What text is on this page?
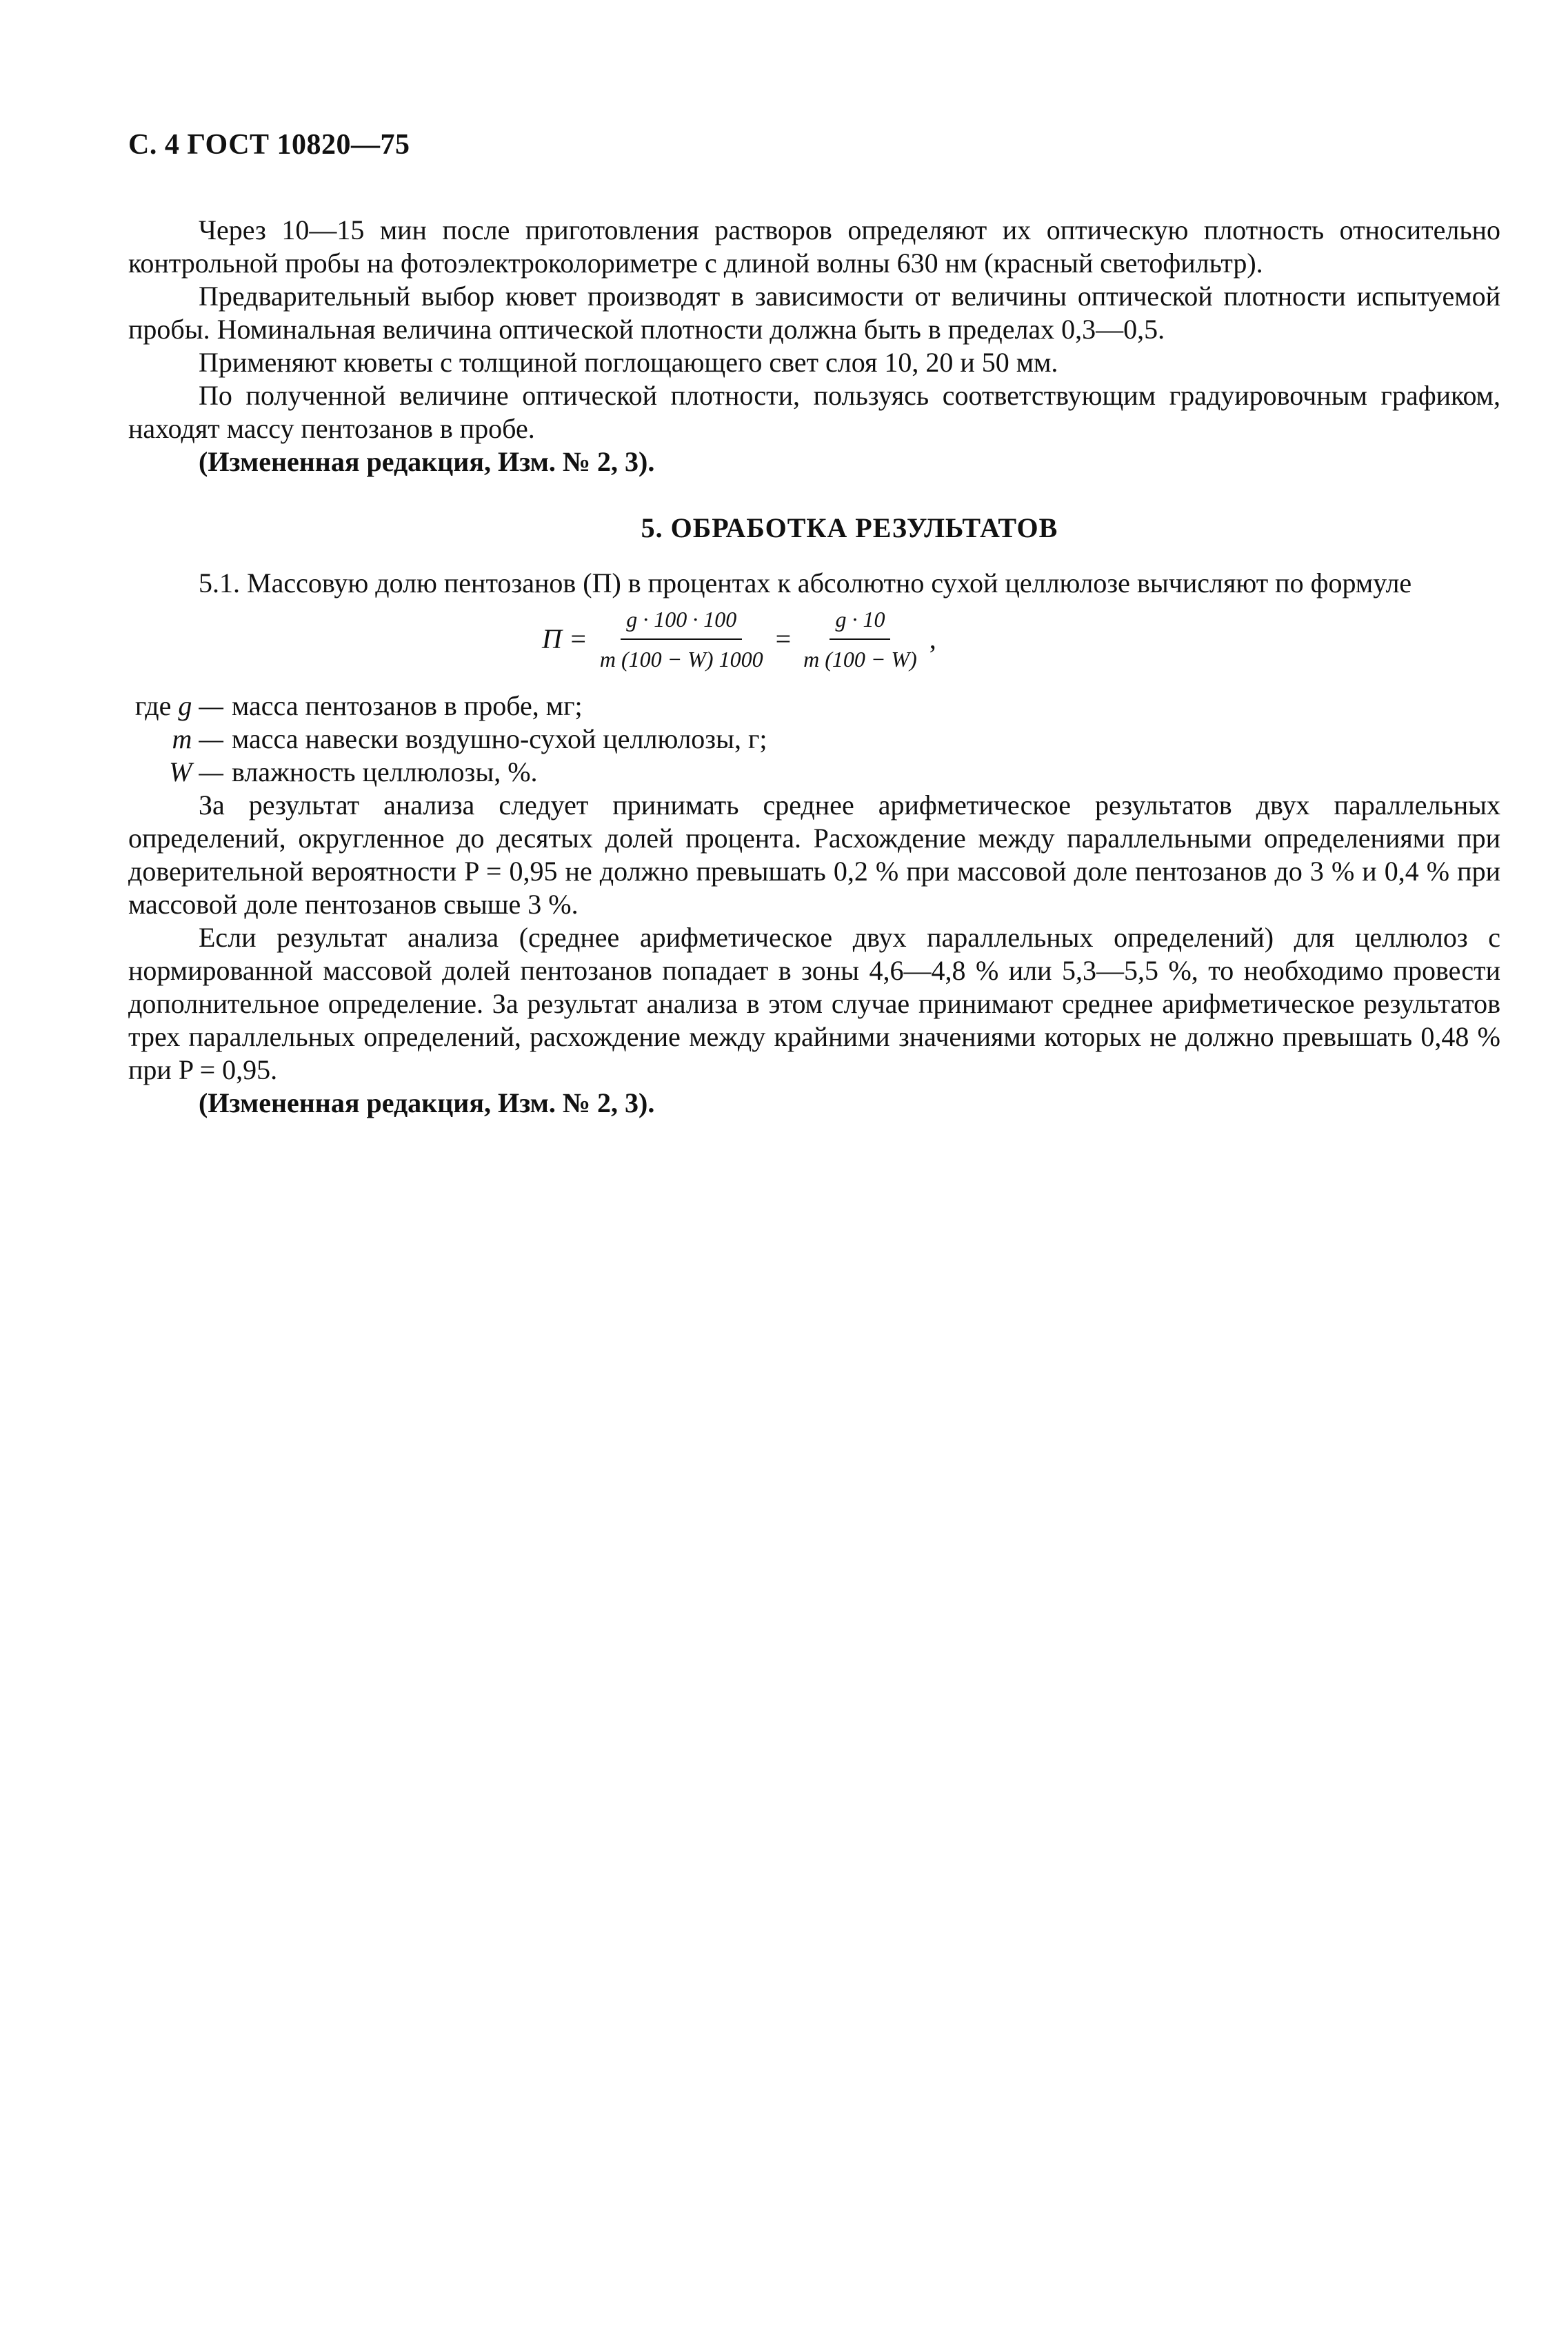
С. 4 ГОСТ 10820—75

Через 10—15 мин после приготовления растворов определяют их оптическую плотность относительно контрольной пробы на фотоэлектроколориметре с длиной волны 630 нм (красный светофильтр).

Предварительный выбор кювет производят в зависимости от величины оптической плотности испытуемой пробы. Номинальная величина оптической плотности должна быть в пределах 0,3—0,5.

Применяют кюветы с толщиной поглощающего свет слоя 10, 20 и 50 мм.

По полученной величине оптической плотности, пользуясь соответствующим градуировочным графиком, находят массу пентозанов в пробе.

(Измененная редакция, Изм. № 2, 3).

5. ОБРАБОТКА РЕЗУЛЬТАТОВ

5.1. Массовую долю пентозанов (П) в процентах к абсолютно сухой целлюлозе вычисляют по формуле

$П = \frac{g \cdot 100 \cdot 100}{m (100 - W) 1000} = \frac{g \cdot 10}{m (100 - W)}$ ,
где g — масса пентозанов в пробе, мг;
m — масса навески воздушно-сухой целлюлозы, г;
W — влажность целлюлозы, %.

За результат анализа следует принимать среднее арифметическое результатов двух параллельных определений, округленное до десятых долей процента. Расхождение между параллельными определениями при доверительной вероятности P = 0,95 не должно превышать 0,2 % при массовой доле пентозанов до 3 % и 0,4 % при массовой доле пентозанов свыше 3 %.

Если результат анализа (среднее арифметическое двух параллельных определений) для целлюлоз с нормированной массовой долей пентозанов попадает в зоны 4,6—4,8 % или 5,3—5,5 %, то необходимо провести дополнительное определение. За результат анализа в этом случае принимают среднее арифметическое результатов трех параллельных определений, расхождение между крайними значениями которых не должно превышать 0,48 % при P = 0,95.

(Измененная редакция, Изм. № 2, 3).
